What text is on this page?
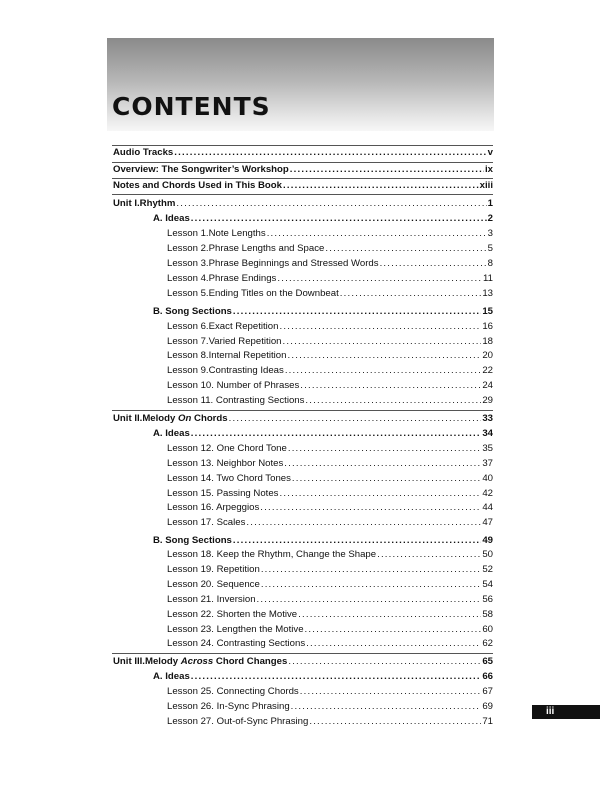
CONTENTS
Audio Tracks .....	v
Overview: The Songwriter’s Workshop .....	ix
Notes and Chords Used in This Book .....	xiii
Unit I. Rhythm .....	1
A. Ideas .....	2
Lesson 1. Note Lengths .....	3
Lesson 2. Phrase Lengths and Space .....	5
Lesson 3. Phrase Beginnings and Stressed Words .....	8
Lesson 4. Phrase Endings .....	11
Lesson 5. Ending Titles on the Downbeat .....	13
B. Song Sections .....	15
Lesson 6. Exact Repetition .....	16
Lesson 7. Varied Repetition .....	18
Lesson 8. Internal Repetition .....	20
Lesson 9. Contrasting Ideas .....	22
Lesson 10. Number of Phrases .....	24
Lesson 11. Contrasting Sections .....	29
Unit II. Melody On Chords .....	33
A. Ideas .....	34
Lesson 12. One Chord Tone .....	35
Lesson 13. Neighbor Notes .....	37
Lesson 14. Two Chord Tones .....	40
Lesson 15. Passing Notes .....	42
Lesson 16. Arpeggios .....	44
Lesson 17. Scales .....	47
B. Song Sections .....	49
Lesson 18. Keep the Rhythm, Change the Shape .....	50
Lesson 19. Repetition .....	52
Lesson 20. Sequence .....	54
Lesson 21. Inversion .....	56
Lesson 22. Shorten the Motive .....	58
Lesson 23. Lengthen the Motive .....	60
Lesson 24. Contrasting Sections .....	62
Unit III. Melody Across Chord Changes .....	65
A. Ideas .....	66
Lesson 25. Connecting Chords .....	67
Lesson 26. In-Sync Phrasing .....	69
Lesson 27. Out-of-Sync Phrasing .....	71
iii
